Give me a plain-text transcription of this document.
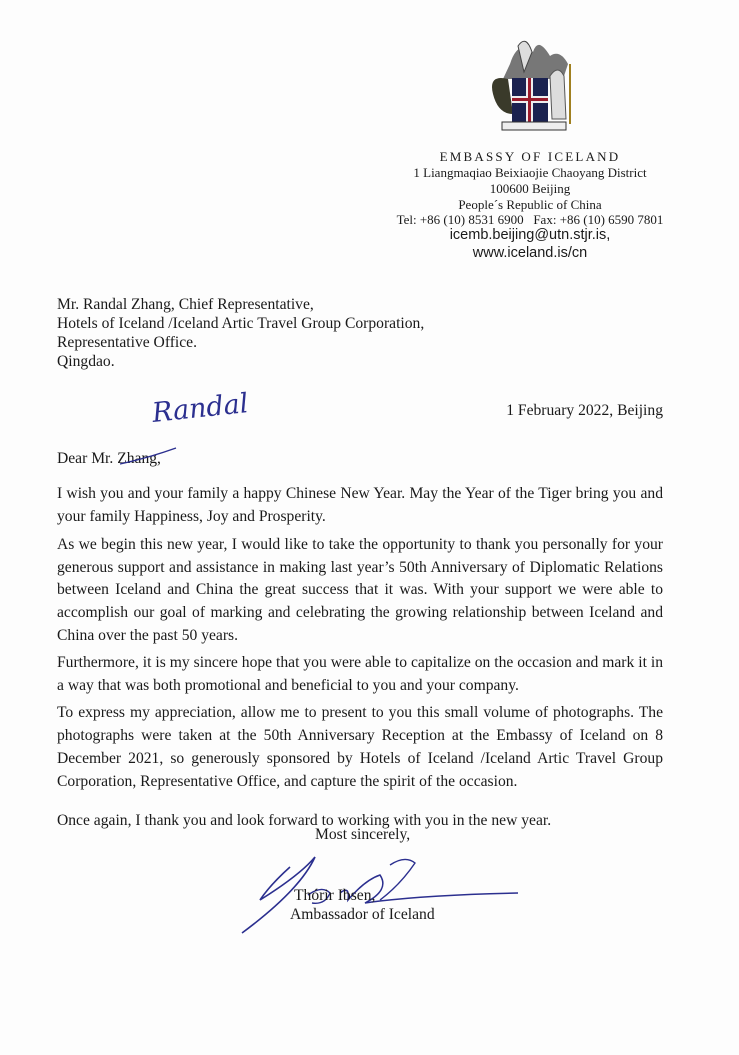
EMBASSY OF ICELAND
1 Liangmaqiao Beixiaojie Chaoyang District
100600 Beijing
People´s Republic of China
Tel: +86 (10) 8531 6900   Fax: +86 (10) 6590 7801
icemb.beijing@utn.stjr.is,
www.iceland.is/cn
Mr. Randal Zhang, Chief Representative,
Hotels of Iceland /Iceland Artic Travel Group Corporation,
Representative Office.
Qingdao.
Randal	1 February 2022, Beijing
Dear Mr. Zhang,
I wish you and your family a happy Chinese New Year. May the Year of the Tiger bring you and
your family Happiness, Joy and Prosperity.
As we begin this new year, I would like to take the opportunity to thank you personally for your
generous support and assistance in making last year’s 50th Anniversary of Diplomatic Relations
between Iceland and China the great success that it was. With your support we were able to
accomplish our goal of marking and celebrating the growing relationship between Iceland and
China over the past 50 years.
Furthermore, it is my sincere hope that you were able to capitalize on the occasion and mark it in
a way that was both promotional and beneficial to you and your company.
To express my appreciation, allow me to present to you this small volume of photographs. The
photographs were taken at the 50th Anniversary Reception at the Embassy of Iceland on 8
December 2021, so generously sponsored by Hotels of Iceland /Iceland Artic Travel Group
Corporation, Representative Office, and capture the spirit of the occasion.
Once again, I thank you and look forward to working with you in the new year.
Most sincerely,
Thórir Ibsen,
Ambassador of Iceland
